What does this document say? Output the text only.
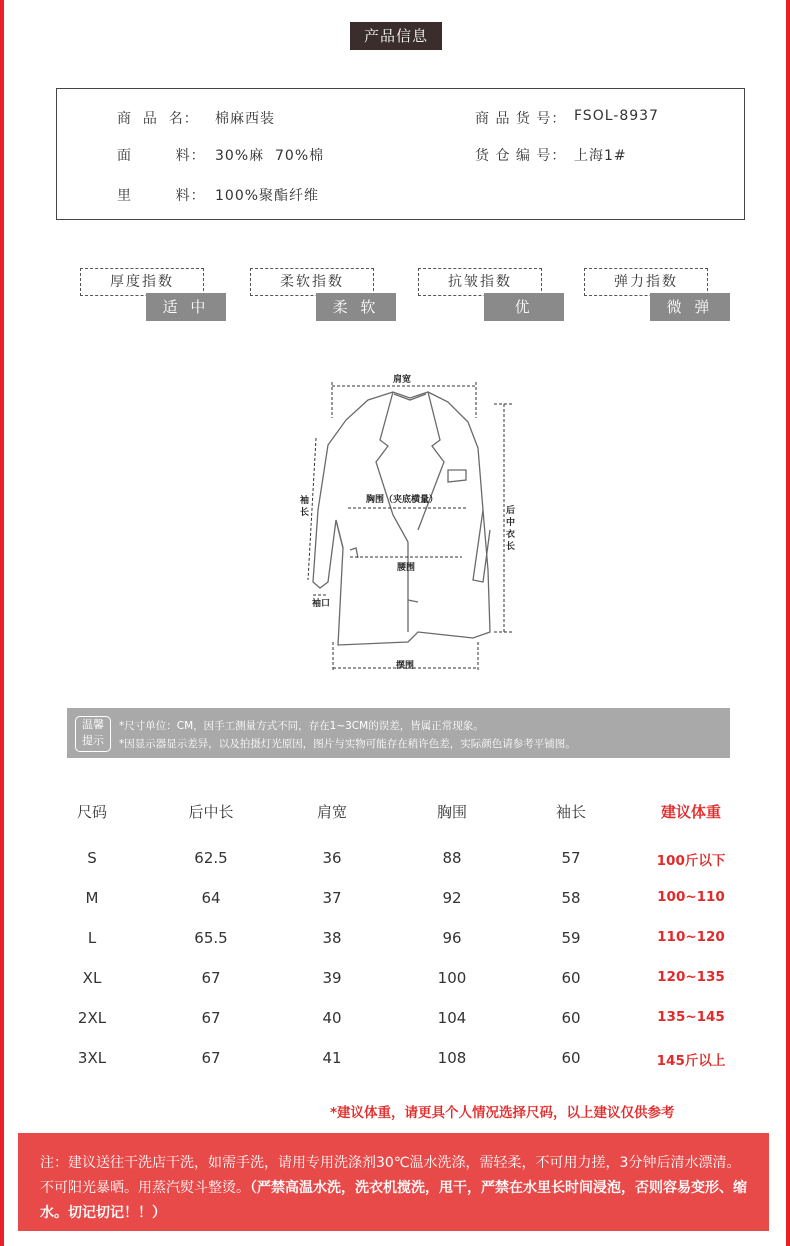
产品信息
商  品  名： 棉麻西装	商 品 货 号： FSOL-8937
面        料： 30%麻  70%棉	货 仓 编 号： 上海1#
里        料： 100%聚酯纤维
厚度指数
适 中
柔软指数
柔 软
抗皱指数
优
弹力指数
微 弹
肩宽
胸围（夹底横量）
腰围
袖
长
袖口
后
中
衣
长
摆围
温馨
提示
*尺寸单位：CM，因手工测量方式不同，存在1~3CM的误差，皆属正常现象。
*因显示器显示差异，以及拍摄灯光原因，图片与实物可能存在稍许色差，实际颜色请参考平铺图。
尺码	后中长	肩宽	胸围	袖长	建议体重
S	62.5	36	88	57	100斤以下
M	64	37	92	58	100~110
L	65.5	38	96	59	110~120
XL	67	39	100	60	120~135
2XL	67	40	104	60	135~145
3XL	67	41	108	60	145斤以上
*建议体重，请更具个人情况选择尺码，以上建议仅供参考
注：建议送往干洗店干洗，如需手洗，请用专用洗涤剂30℃温水洗涤，需轻柔，不可用力搓，3分钟后清水漂清。不可阳光暴晒。用蒸汽熨斗整烫。（严禁高温水洗，洗衣机搅洗，甩干，严禁在水里长时间浸泡，否则容易变形、缩水。切记切记！！）
